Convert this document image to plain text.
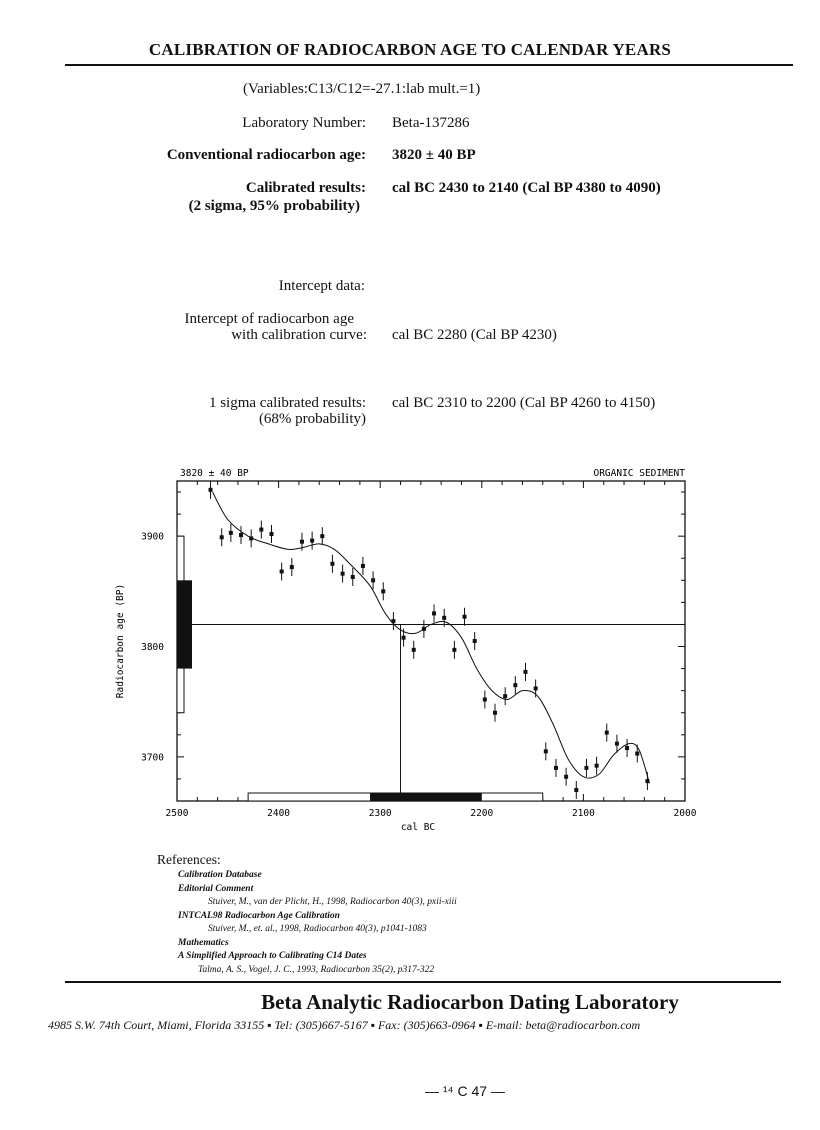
CALIBRATION OF RADIOCARBON AGE TO CALENDAR YEARS
(Variables:C13/C12=-27.1:lab mult.=1)
Laboratory Number: Beta-137286
Conventional radiocarbon age: 3820 ± 40 BP
Calibrated results:
(2 sigma, 95% probability)
cal BC 2430 to 2140 (Cal BP 4380 to 4090)
Intercept data:
Intercept of radiocarbon age
with calibration curve: cal BC 2280 (Cal BP 4230)
1 sigma calibrated results:
(68% probability)
cal BC 2310 to 2200 (Cal BP 4260 to 4150)
3820 ± 40 BP	ORGANIC SEDIMENT
2500	2400	2300	2200	2100	2000
3900
3800
3700
cal BC
Radiocarbon age (BP)
References:
Calibration Database
Editorial Comment
Stuiver, M., van der Plicht, H., 1998, Radiocarbon 40(3), pxii-xiii
INTCAL98 Radiocarbon Age Calibration
Stuiver, M., et. al., 1998, Radiocarbon 40(3), p1041-1083
Mathematics
A Simplified Approach to Calibrating C14 Dates
Talma, A. S., Vogel, J. C., 1993, Radiocarbon 35(2), p317-322
Beta Analytic Radiocarbon Dating Laboratory
4985 S.W. 74th Court, Miami, Florida 33155 ▪ Tel: (305)667-5167 ▪ Fax: (305)663-0964 ▪ E-mail: beta@radiocarbon.com
— ¹⁴ C 47 —
